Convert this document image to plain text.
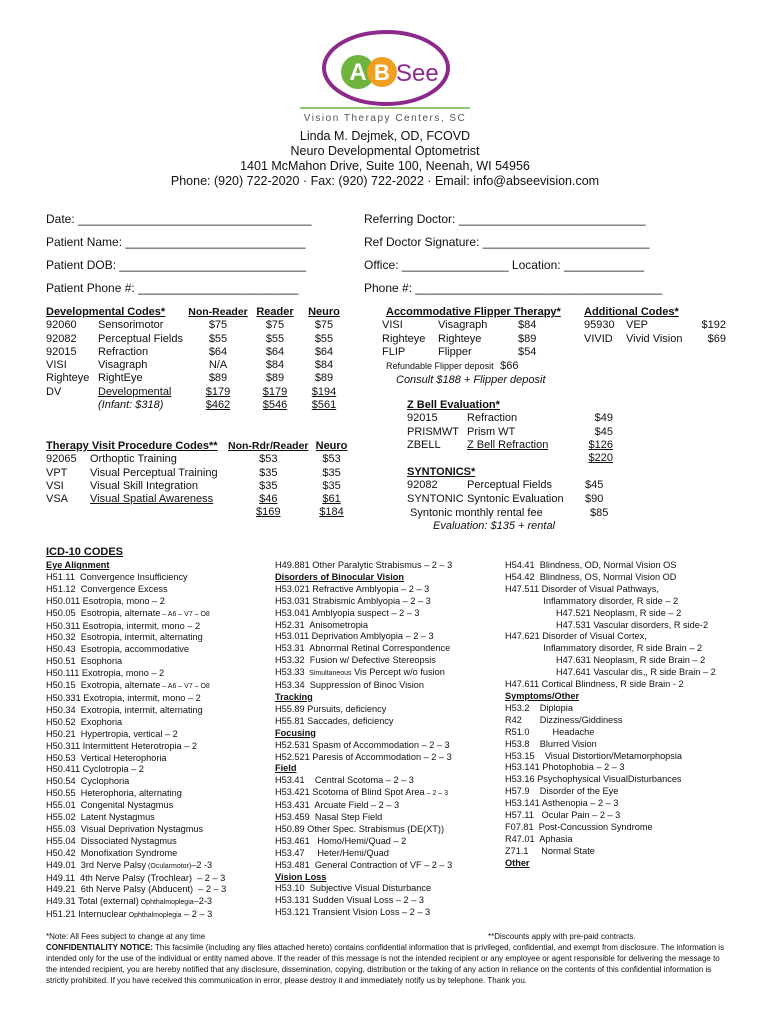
A B See
Vision Therapy Centers, SC
Linda M. Dejmek, OD, FCOVD
Neuro Developmental Optometrist
1401 McMahon Drive, Suite 100, Neenah, WI 54956
Phone: (920) 722-2020 · Fax: (920) 722-2022 · Email: info@abseevision.com
Date: ___________________________________
Patient Name: ___________________________
Patient DOB: ____________________________
Patient Phone #: ________________________
Referring Doctor: ____________________________
Ref Doctor Signature: _________________________
Office: ________________ Location: ____________
Phone #: _____________________________________
Developmental Codes*		Non-Reader	Reader	Neuro
92060	Sensorimotor	$75	$75	$75
92082	Perceptual Fields	$55	$55	$55
92015	Refraction	$64	$64	$64
VISI	Visagraph	N/A	$84	$84
Righteye	RightEye	$89	$89	$89
DV	Developmental	$179	$179	$194
	(Infant: $318)	$462	$546	$561
Therapy Visit Procedure Codes**		Non-Rdr/Reader	Neuro
92065	Orthoptic Training	$53	$53
VPT	Visual Perceptual Training	$35	$35
VSI	Visual Skill Integration	$35	$35
VSA	Visual Spatial Awareness	$46	$61
		$169	$184
Accommodative Flipper Therapy*		
VISI	Visagraph	$84
Righteye	Righteye	$89
FLIP	Flipper	$54
Refundable Flipper deposit $66
Consult $188 + Flipper deposit
Additional Codes*		
95930	VEP	$192
VIVID	Vivid Vision	$69
Z Bell Evaluation*		
92015	Refraction	$49
PRISMWT	Prism WT	$45
ZBELL	Z Bell Refraction	$126
		$220
SYNTONICS*		
92082	Perceptual Fields	$45
SYNTONIC	Syntonic Evaluation	$90
Syntonic monthly rental fee	$85
Evaluation: $135 + rental
ICD-10 CODES
Eye Alignment
H51.11  Convergence Insufficiency
H51.12  Convergence Excess
H50.011 Esotropia, mono – 2
H50.05  Esotropia, alternate – A6 – V7 – O8
H50.311 Esotropia, intermit, mono – 2
H50.32  Esotropia, intermit, alternating
H50.43  Esotropia, accommodative
H50.51  Esophoria
H50.111 Exotropia, mono – 2
H50.15  Exotropia, alternate – A6 – V7 – O8
H50.331 Exotropia, intermit, mono – 2
H50.34  Exotropia, intermit, alternating
H50.52  Exophoria
H50.21  Hypertropia, vertical – 2
H50.311 Intermittent Heterotropia – 2
H50.53  Vertical Heterophoria
H50.411 Cyclotropia – 2
H50.54  Cyclophoria
H50.55  Heterophoria, alternating
H55.01  Congenital Nystagmus
H55.02  Latent Nystagmus
H55.03  Visual Deprivation Nystagmus
H55.04  Dissociated Nystagmus
H50.42  Monofixation Syndrome
H49.01  3rd Nerve Palsy (Ocularmotor)–2 -3
H49.11  4th Nerve Palsy (Trochlear)  – 2 – 3
H49.21  6th Nerve Palsy (Abducent)  – 2 – 3
H49.31 Total (external) Ophthalmoplegia–2-3
H51.21 Internuclear Ophthalmoplegia – 2 – 3
H49.881 Other Paralytic Strabismus – 2 – 3
Disorders of Binocular Vision
H53.021 Refractive Amblyopia – 2 – 3
H53.031 Strabismic Amblyopia – 2 – 3
H53.041 Amblyopia suspect – 2 – 3
H52.31  Anisometropia
H53.011 Deprivation Amblyopia – 2 – 3
H53.31  Abnormal Retinal Correspondence
H53.32  Fusion w/ Defective Stereopsis
H53.33  Simultaneous Vis Percept w/o fusion
H53.34  Suppression of Binoc Vision
Tracking
H55.89 Pursuits, deficiency
H55.81 Saccades, deficiency
Focusing
H52.531 Spasm of Accommodation – 2 – 3
H52.521 Paresis of Accommodation – 2 – 3
Field
H53.41    Central Scotoma – 2 – 3
H53.421 Scotoma of Blind Spot Area – 2 – 3
H53.431  Arcuate Field – 2 – 3
H53.459  Nasal Step Field
H50.89 Other Spec. Strabismus (DE(XT))
H53.461   Homo/Hemi/Quad – 2
H53.47     Heter/Hemi/Quad
H53.481  General Contraction of VF – 2 – 3
Vision Loss
H53.10  Subjective Visual Disturbance
H53.131 Sudden Visual Loss – 2 – 3
H53.121 Transient Vision Loss – 2 – 3
H54.41  Blindness, OD, Normal Vision OS
H54.42  Blindness, OS, Normal Vision OD
H47.511 Disorder of Visual Pathways,
Inflammatory disorder, R side – 2
H47.521 Neoplasm, R side – 2
H47.531 Vascular disorders, R side-2
H47.621 Disorder of Visual Cortex,
Inflammatory disorder, R side Brain – 2
H47.631 Neoplasm, R side Brain – 2
H47.641 Vascular dis,, R side Brain – 2
H47.611 Cortical Blindness, R side Brain - 2
Symptoms/Other
H53.2    Diplopia
R42       Dizziness/Giddiness
R51.0         Headache
H53.8    Blurred Vision
H53.15    Visual Distortion/Metamorphopsia
H53.141 Photophobia – 2 – 3
H53.16 Psychophysical VisualDisturbances
H57.9    Disorder of the Eye
H53.141 Asthenopia – 2 – 3
H57.11   Ocular Pain – 2 – 3
F07.81  Post-Concussion Syndrome
R47.01  Aphasia
Z71.1     Normal State
Other
*Note: All Fees subject to change at any time	**Discounts apply with pre-paid contracts.
CONFIDENTIALITY NOTICE: This facsimile (including any files attached hereto) contains confidential information that is privileged, confidential, and exempt from disclosure. The information is intended only for the use of the individual or entity named above. If the reader of this message is not the intended recipient or any employee or agent responsible for delivering the message to the intended recipient, you are hereby notified that any disclosure, dissemination, copying, distribution or the taking of any action in reliance on the contents of this confidential information is strictly prohibited. If you have received this communication in error, please destroy it and immediately notify us by telephone. Thank you.
